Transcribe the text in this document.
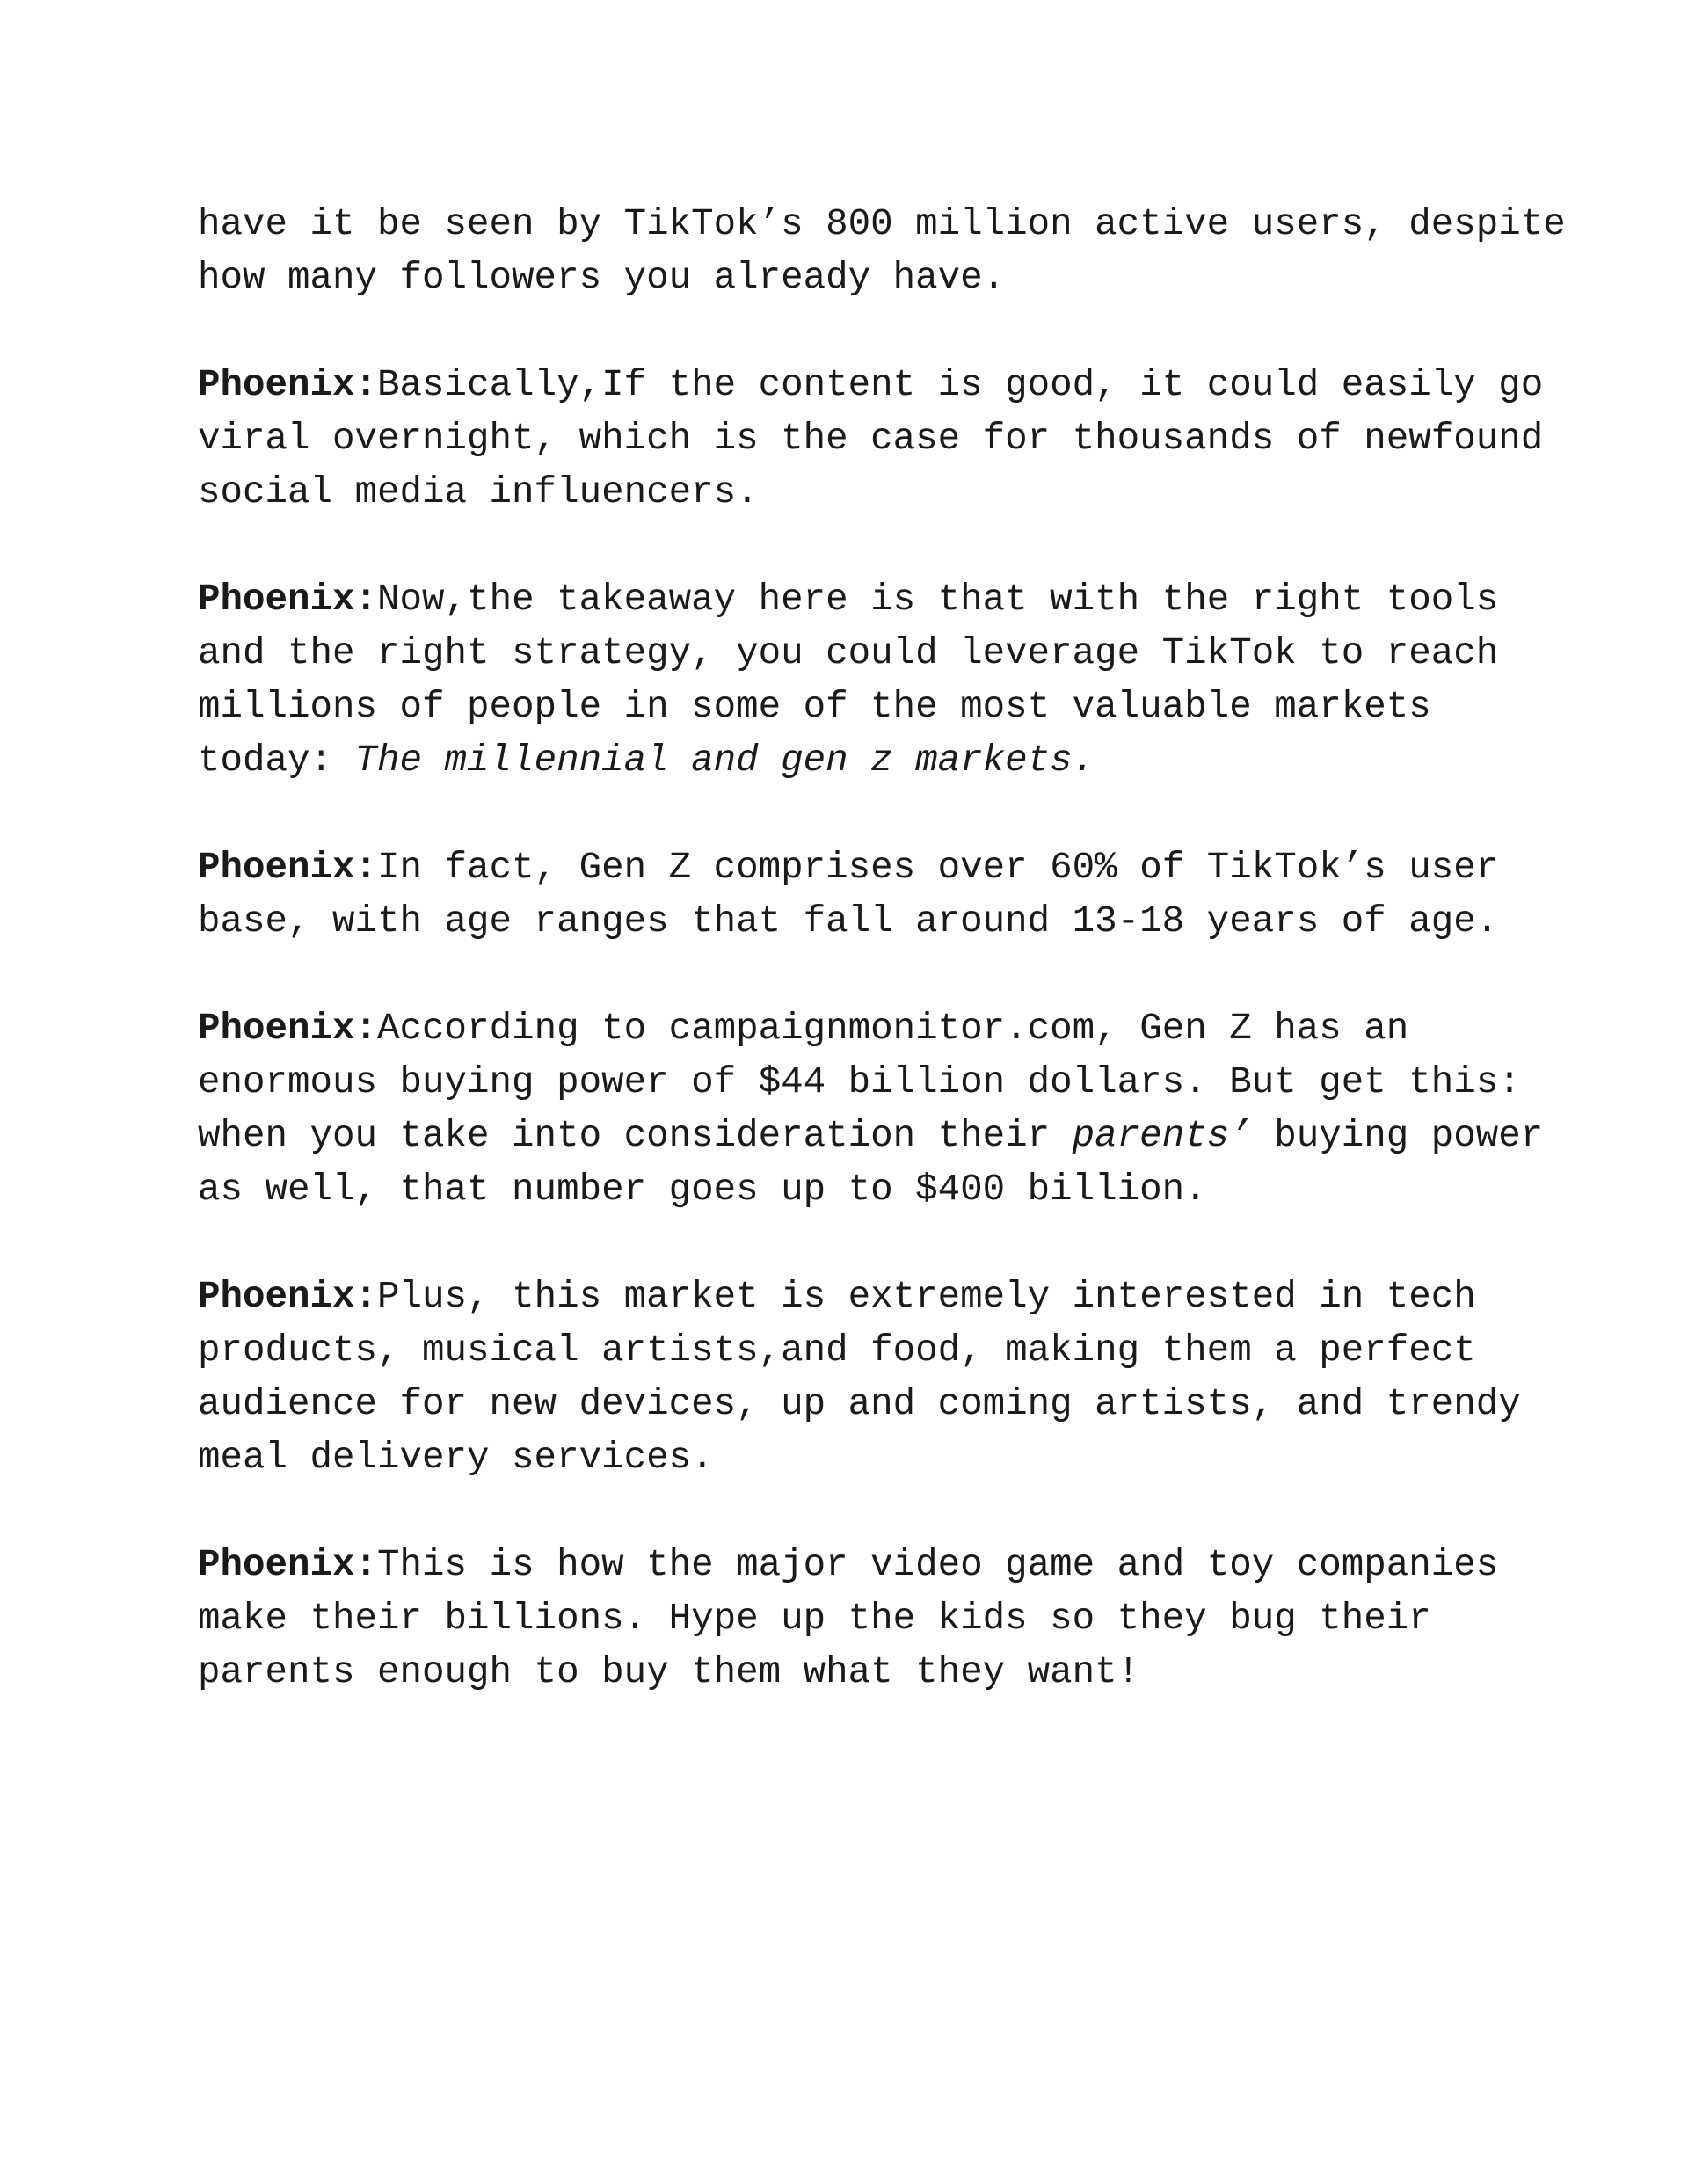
have it be seen by TikTok’s 800 million active users, despite how many followers you already have.

Phoenix:Basically,If the content is good, it could easily go viral overnight, which is the case for thousands of newfound social media influencers.

Phoenix:Now,the takeaway here is that with the right tools and the right strategy, you could leverage TikTok to reach millions of people in some of the most valuable markets today: The millennial and gen z markets.

Phoenix:In fact, Gen Z comprises over 60% of TikTok’s user base, with age ranges that fall around 13-18 years of age.

Phoenix:According to campaignmonitor.com, Gen Z has an enormous buying power of $44 billion dollars. But get this: when you take into consideration their parents’ buying power as well, that number goes up to $400 billion.

Phoenix:Plus, this market is extremely interested in tech products, musical artists,and food, making them a perfect audience for new devices, up and coming artists, and trendy meal delivery services.

Phoenix:This is how the major video game and toy companies make their billions. Hype up the kids so they bug their parents enough to buy them what they want!
